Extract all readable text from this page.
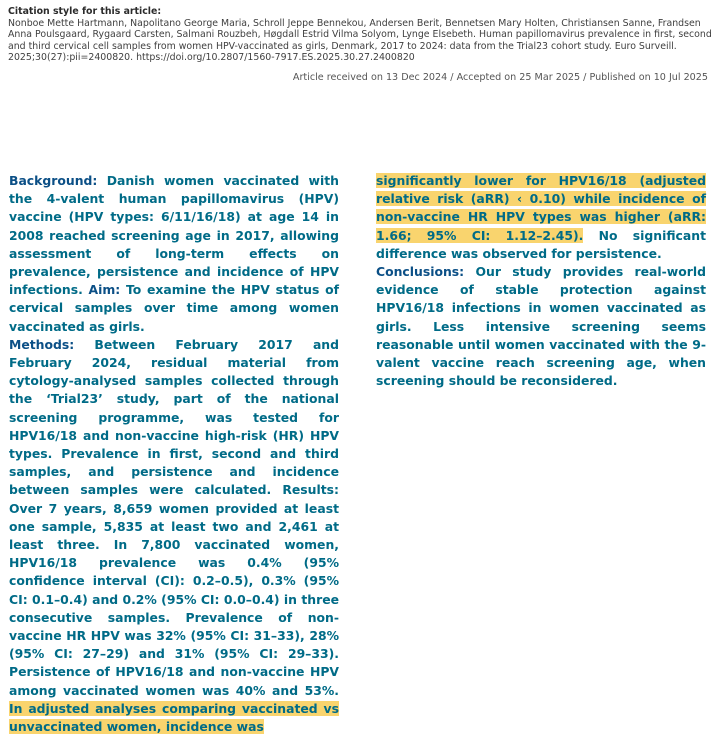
Citation style for this article:
Nonboe Mette Hartmann, Napolitano George Maria, Schroll Jeppe Bennekou, Andersen Berit, Bennetsen Mary Holten, Christiansen Sanne, Frandsen Anna Poulsgaard, Rygaard Carsten, Salmani Rouzbeh, Høgdall Estrid Vilma Solyom, Lynge Elsebeth. Human papillomavirus prevalence in first, second and third cervical cell samples from women HPV-vaccinated as girls, Denmark, 2017 to 2024: data from the Trial23 cohort study. Euro Surveill. 2025;30(27):pii=2400820. https://doi.org/10.2807/1560-7917.ES.2025.30.27.2400820
Article received on 13 Dec 2024 / Accepted on 25 Mar 2025 / Published on 10 Jul 2025
Background: Danish women vaccinated with the 4-valent human papillomavirus (HPV) vaccine (HPV types: 6/11/16/18) at age 14 in 2008 reached screening age in 2017, allowing assessment of long-term effects on prevalence, persistence and incidence of HPV infections. Aim: To examine the HPV status of cervical samples over time among women vaccinated as girls.
Methods: Between February 2017 and February 2024, residual material from cytology-analysed samples collected through the ‘Trial23’ study, part of the national screening programme, was tested for HPV16/18 and non-vaccine high-risk (HR) HPV types. Prevalence in first, second and third samples, and persistence and incidence between samples were calculated. Results: Over 7 years, 8,659 women provided at least one sample, 5,835 at least two and 2,461 at least three. In 7,800 vaccinated women, HPV16/18 prevalence was 0.4% (95% confidence interval (CI): 0.2–0.5), 0.3% (95% CI: 0.1–0.4) and 0.2% (95% CI: 0.0–0.4) in three consecutive samples. Prevalence of non-vaccine HR HPV was 32% (95% CI: 31–33), 28% (95% CI: 27–29) and 31% (95% CI: 29–33). Persistence of HPV16/18 and non-vaccine HPV among vaccinated women was 40% and 53%. In adjusted analyses comparing vaccinated vs unvaccinated women, incidence was
significantly lower for HPV16/18 (adjusted relative risk (aRR) ‹ 0.10) while incidence of non-vaccine HR HPV types was higher (aRR: 1.66; 95% CI: 1.12–2.45). No significant difference was observed for persistence.
Conclusions: Our study provides real-world evidence of stable protection against HPV16/18 infections in women vaccinated as girls. Less intensive screening seems reasonable until women vaccinated with the 9-valent vaccine reach screening age, when screening should be reconsidered.
